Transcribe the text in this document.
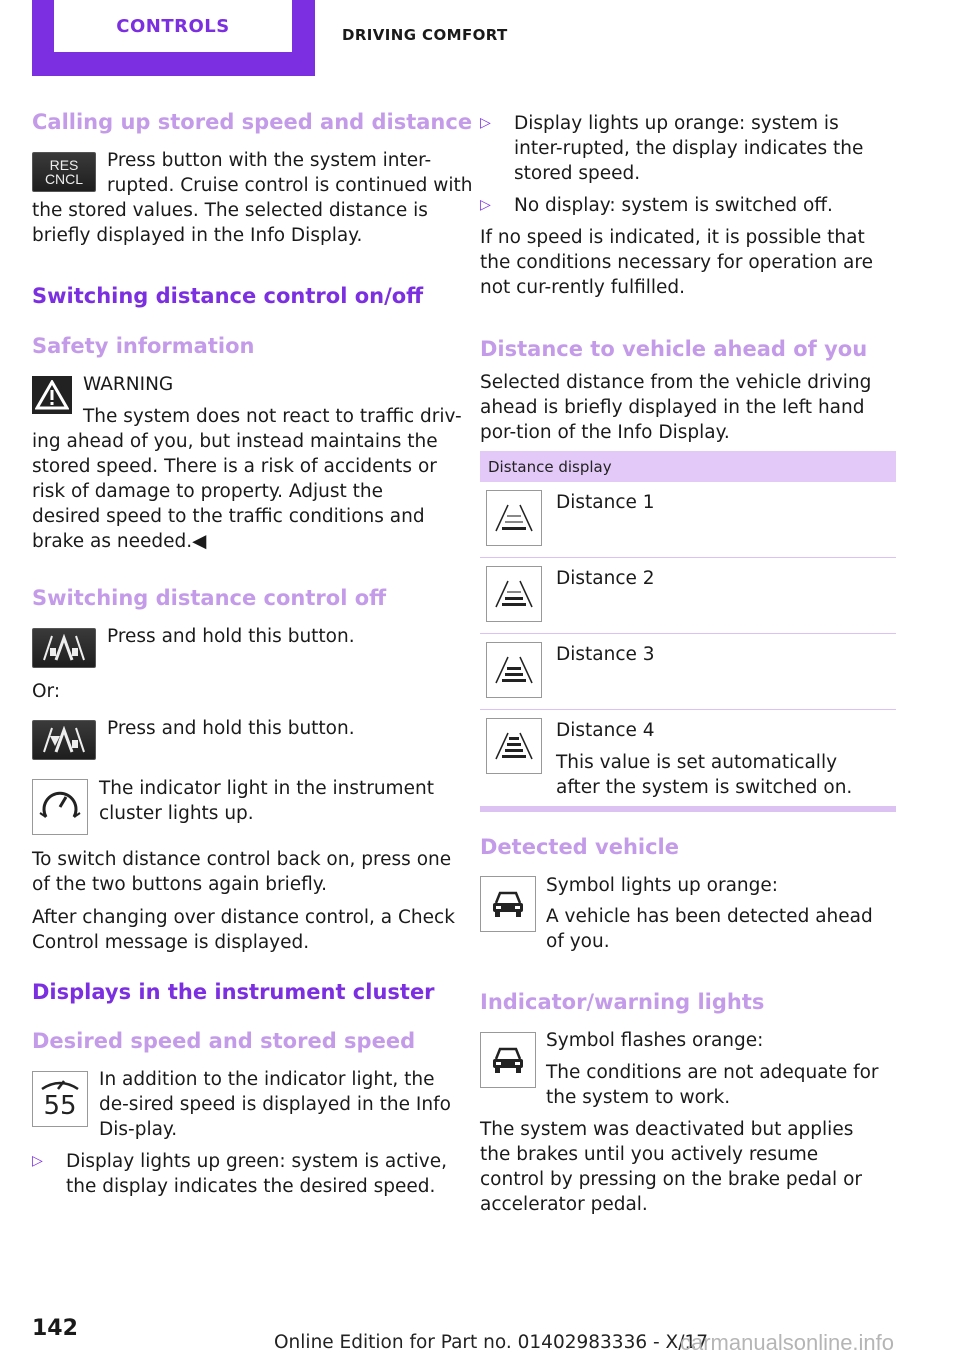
CONTROLS	DRIVING COMFORT
Calling up stored speed and distance
RES
CNCL
Press button with the system inter-
rupted. Cruise control is continued with
the stored values. The selected distance is
briefly displayed in the Info Display.
Switching distance control on/off
Safety information
WARNING
The system does not react to traffic driv-
ing ahead of you, but instead maintains the stored speed. There is a risk of accidents or risk of damage to property. Adjust the desired speed to the traffic conditions and brake as needed.◀
Switching distance control off
Press and hold this button.
Or:
Press and hold this button.
The indicator light in the instrument cluster lights up.
To switch distance control back on, press one of the two buttons again briefly.
After changing over distance control, a Check Control message is displayed.
Displays in the instrument cluster
Desired speed and stored speed
55
In addition to the indicator light, the de-sired speed is displayed in the Info Dis-play.
▷	Display lights up green: system is active, the display indicates the desired speed.
▷	Display lights up orange: system is inter-rupted, the display indicates the stored speed.
▷	No display: system is switched off.
If no speed is indicated, it is possible that the conditions necessary for operation are not cur-rently fulfilled.
Distance to vehicle ahead of you
Selected distance from the vehicle driving ahead is briefly displayed in the left hand por-tion of the Info Display.
Distance display
Distance 1
Distance 2
Distance 3
Distance 4
This value is set automatically after the system is switched on.
Detected vehicle
Symbol lights up orange:
A vehicle has been detected ahead of you.
Indicator/warning lights
Symbol flashes orange:
The conditions are not adequate for the system to work.
The system was deactivated but applies the brakes until you actively resume control by pressing on the brake pedal or accelerator pedal.
142
Online Edition for Part no. 01402983336 - X/17
carmanualsonline.info
